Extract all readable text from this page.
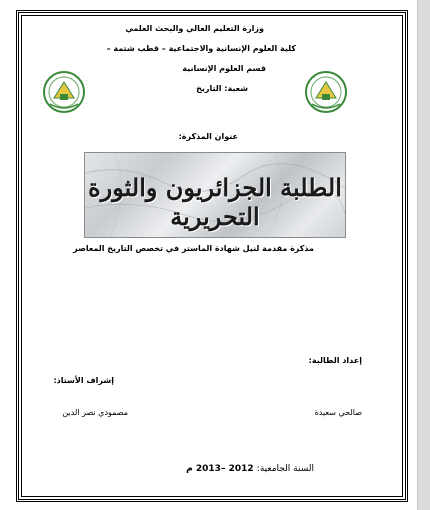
وزارة التعليم العالي والبحث العلمي
كلية العلوم الإنسانية والاجتماعية – قطب شتمة –
قسم العلوم الإنسانية
شعبة: التاريخ
عنوان المذكرة:
الطلبة الجزائريون والثورة التحريرية
مذكرة مقدمة لنيل شهادة الماستر في تخصص التاريخ المعاصر
إعداد الطالبة:
إشراف الأستاذ:
صالحي سعيدة
مصمودي نصر الدين
السنة الجامعية: 2012 –2013 م
